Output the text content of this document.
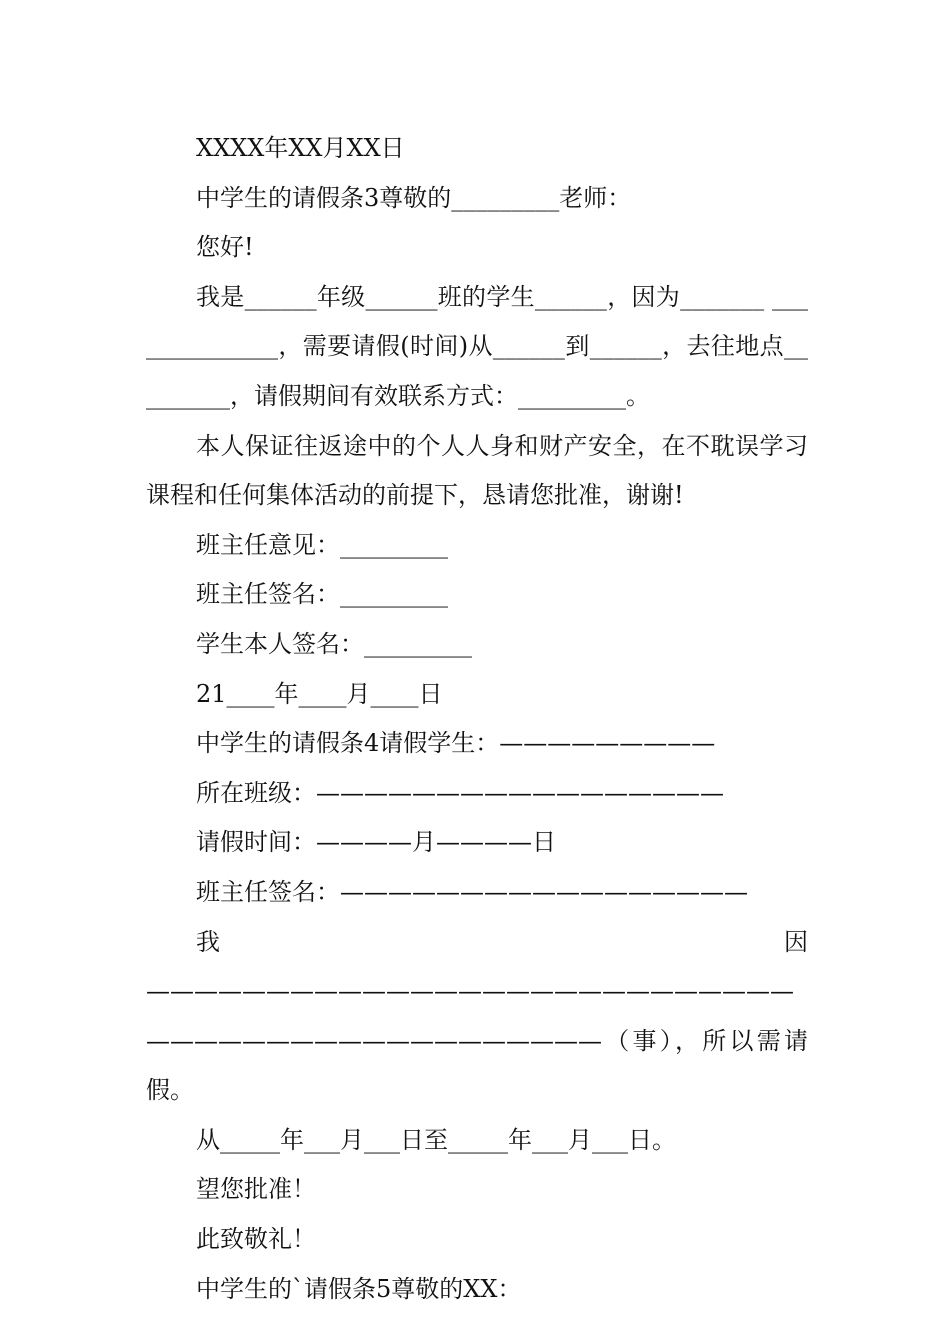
XXXX年XX月XX日

中学生的请假条3尊敬的_________老师：

您好!

我是______年级______班的学生______，因为_______ ______________，需要请假(时间)从______到______，去往地点_________，请假期间有效联系方式：_________。

本人保证往返途中的个人人身和财产安全，在不耽误学习课程和任何集体活动的前提下，恳请您批准，谢谢!

班主任意见：_________

班主任签名：_________

学生本人签名：_________

21____年____月____日

中学生的请假条4请假学生：—————————

所在班级：—————————————————

请假时间：————月————日

班主任签名：—————————————————

我因——————————————————————————————————————————————（事），所以需请假。

从_____年___月___日至_____年___月___日。

望您批准！

此致敬礼！

中学生的`请假条5尊敬的XX：
